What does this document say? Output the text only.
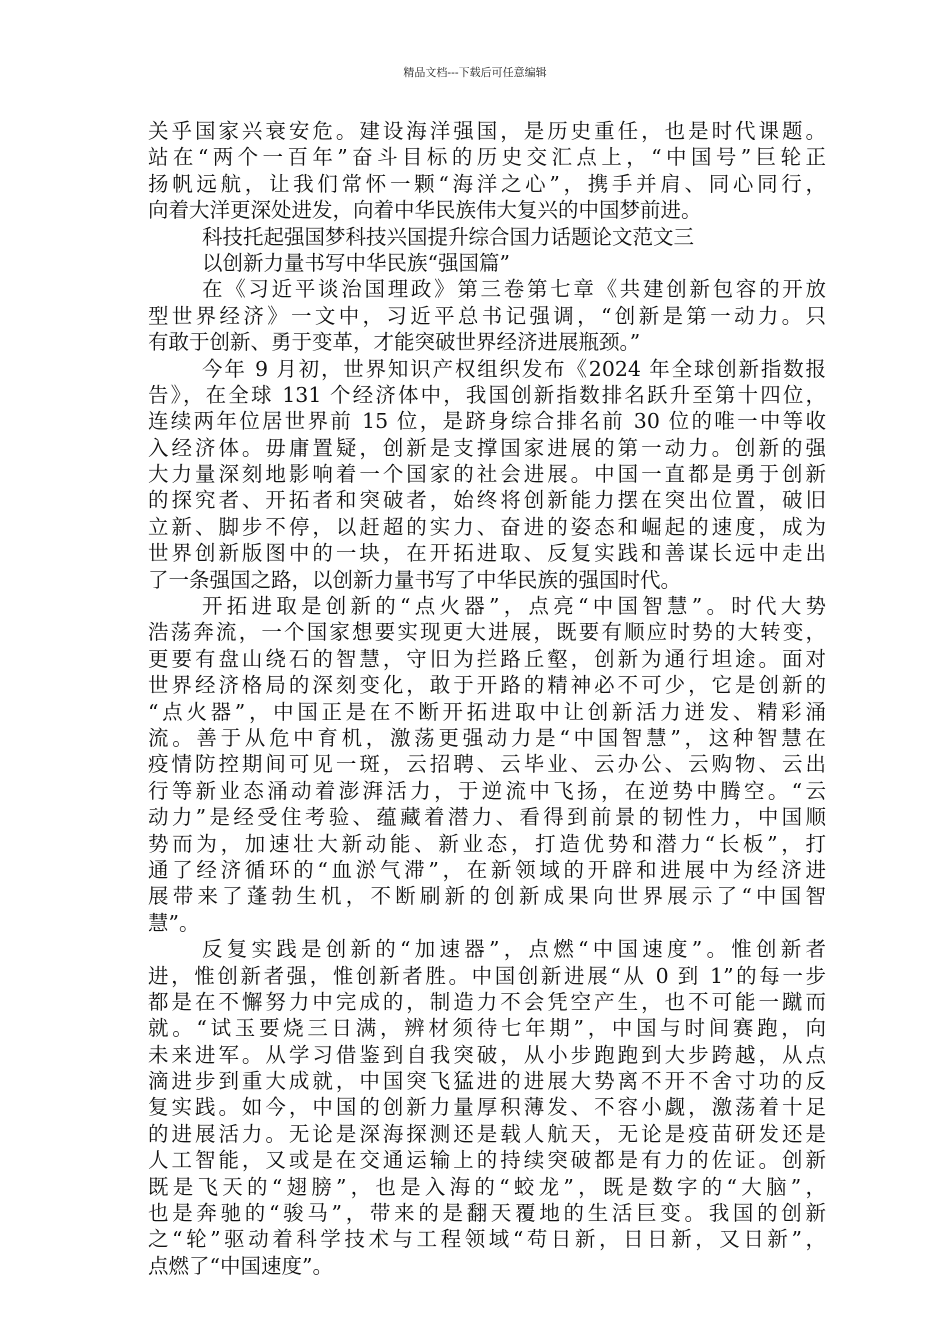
精品文档---下载后可任意编辑
关乎国家兴衰安危。建设海洋强国，是历史重任，也是时代课题。
站在“两个一百年”奋斗目标的历史交汇点上，“中国号”巨轮正
扬帆远航，让我们常怀一颗“海洋之心”，携手并肩、同心同行，
向着大洋更深处进发，向着中华民族伟大复兴的中国梦前进。
科技托起强国梦科技兴国提升综合国力话题论文范文三
以创新力量书写中华民族“强国篇”
在《习近平谈治国理政》第三卷第七章《共建创新包容的开放
型世界经济》一文中，习近平总书记强调，“创新是第一动力。只
有敢于创新、勇于变革，才能突破世界经济进展瓶颈。”
今年 9 月初，世界知识产权组织发布《2024 年全球创新指数报
告》，在全球 131 个经济体中，我国创新指数排名跃升至第十四位，
连续两年位居世界前 15 位，是跻身综合排名前 30 位的唯一中等收
入经济体。毋庸置疑，创新是支撑国家进展的第一动力。创新的强
大力量深刻地影响着一个国家的社会进展。中国一直都是勇于创新
的探究者、开拓者和突破者，始终将创新能力摆在突出位置，破旧
立新、脚步不停，以赶超的实力、奋进的姿态和崛起的速度，成为
世界创新版图中的一块，在开拓进取、反复实践和善谋长远中走出
了一条强国之路，以创新力量书写了中华民族的强国时代。
开拓进取是创新的“点火器”，点亮“中国智慧”。时代大势
浩荡奔流，一个国家想要实现更大进展，既要有顺应时势的大转变，
更要有盘山绕石的智慧，守旧为拦路丘壑，创新为通行坦途。面对
世界经济格局的深刻变化，敢于开路的精神必不可少，它是创新的
“点火器”，中国正是在不断开拓进取中让创新活力迸发、精彩涌
流。善于从危中育机，激荡更强动力是“中国智慧”，这种智慧在
疫情防控期间可见一斑，云招聘、云毕业、云办公、云购物、云出
行等新业态涌动着澎湃活力，于逆流中飞扬，在逆势中腾空。“云
动力”是经受住考验、蕴藏着潜力、看得到前景的韧性力，中国顺
势而为，加速壮大新动能、新业态，打造优势和潜力“长板”，打
通了经济循环的“血淤气滞”，在新领域的开辟和进展中为经济进
展带来了蓬勃生机，不断刷新的创新成果向世界展示了“中国智
慧”。
反复实践是创新的“加速器”，点燃“中国速度”。惟创新者
进，惟创新者强，惟创新者胜。中国创新进展“从 0 到 1”的每一步
都是在不懈努力中完成的，制造力不会凭空产生，也不可能一蹴而
就。“试玉要烧三日满，辨材须待七年期”，中国与时间赛跑，向
未来进军。从学习借鉴到自我突破，从小步跑跑到大步跨越，从点
滴进步到重大成就，中国突飞猛进的进展大势离不开不舍寸功的反
复实践。如今，中国的创新力量厚积薄发、不容小觑，激荡着十足
的进展活力。无论是深海探测还是载人航天，无论是疫苗研发还是
人工智能，又或是在交通运输上的持续突破都是有力的佐证。创新
既是飞天的“翅膀”，也是入海的“蛟龙”，既是数字的“大脑”，
也是奔驰的“骏马”，带来的是翻天覆地的生活巨变。我国的创新
之“轮”驱动着科学技术与工程领域“苟日新，日日新，又日新”，
点燃了“中国速度”。
